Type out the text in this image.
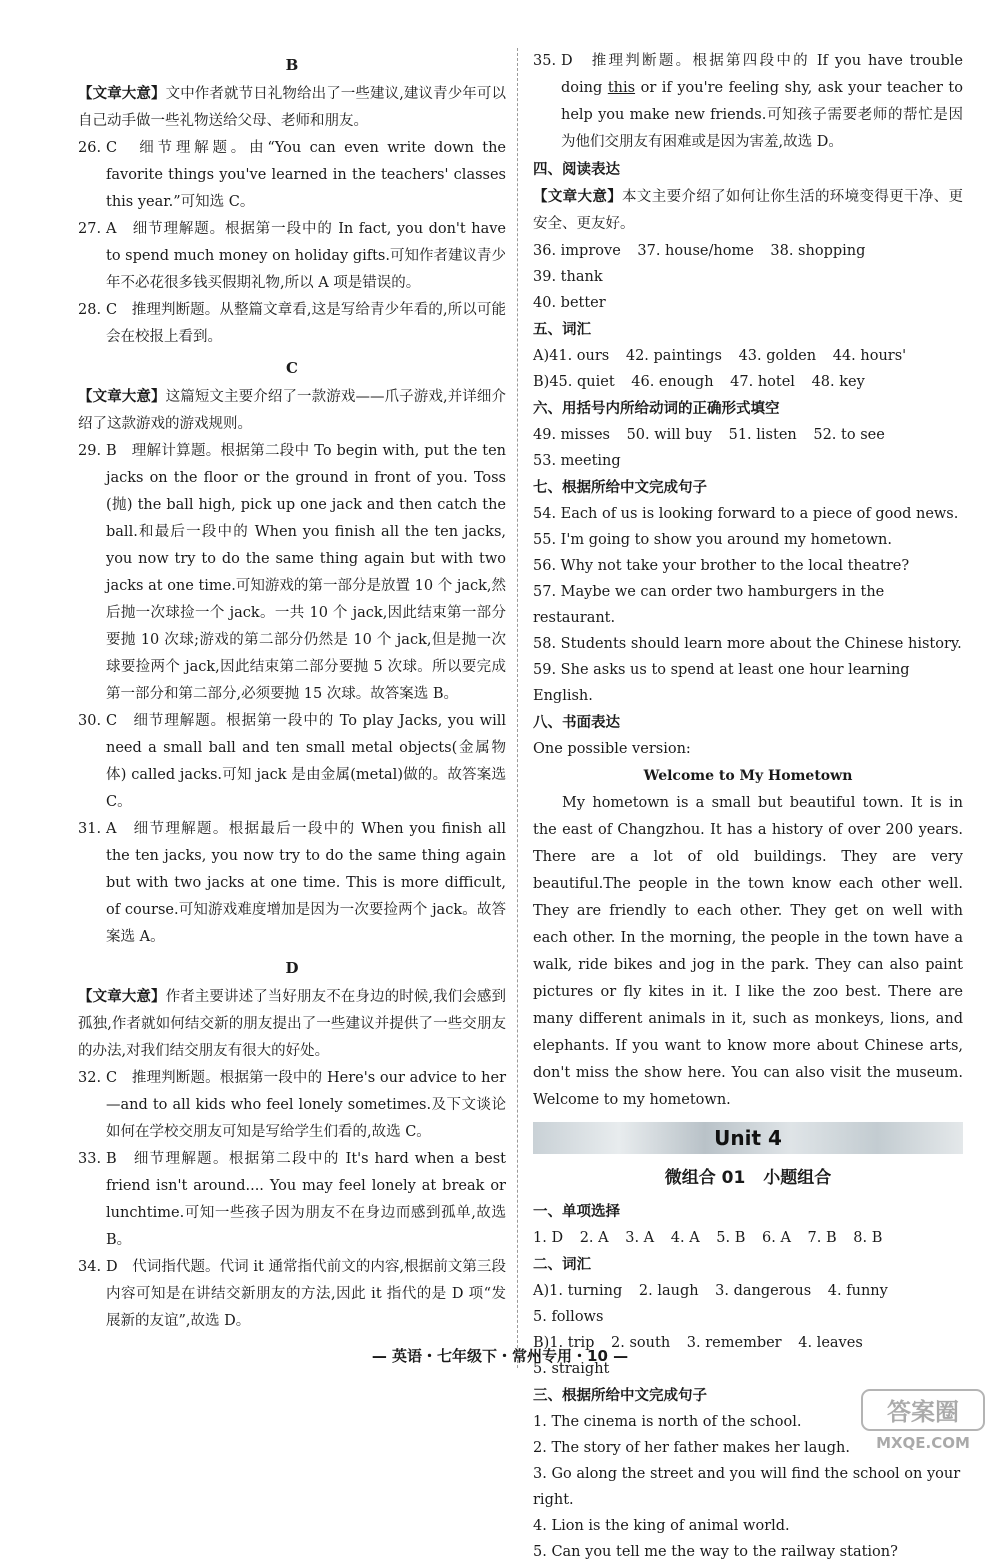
B

【文章大意】文中作者就节日礼物给出了一些建议,建议青少年可以自己动手做一些礼物送给父母、老师和朋友。

26. C　细节理解题。由“You can even write down the favorite things you've learned in the teachers' classes this year.”可知选 C。
27. A　细节理解题。根据第一段中的 In fact, you don't have to spend much money on holiday gifts.可知作者建议青少年不必花很多钱买假期礼物,所以 A 项是错误的。
28. C　推理判断题。从整篇文章看,这是写给青少年看的,所以可能会在校报上看到。

C

【文章大意】这篇短文主要介绍了一款游戏——爪子游戏,并详细介绍了这款游戏的游戏规则。

29. B　理解计算题。根据第二段中 To begin with, put the ten jacks on the floor or the ground in front of you. Toss (抛) the ball high, pick up one jack and then catch the ball.和最后一段中的 When you finish all the ten jacks, you now try to do the same thing again but with two jacks at one time.可知游戏的第一部分是放置 10 个 jack,然后抛一次球捡一个 jack。一共 10 个 jack,因此结束第一部分要抛 10 次球;游戏的第二部分仍然是 10 个 jack,但是抛一次球要捡两个 jack,因此结束第二部分要抛 5 次球。所以要完成第一部分和第二部分,必须要抛 15 次球。故答案选 B。
30. C　细节理解题。根据第一段中的 To play Jacks, you will need a small ball and ten small metal objects(金属物体) called jacks.可知 jack 是由金属(metal)做的。故答案选 C。
31. A　细节理解题。根据最后一段中的 When you finish all the ten jacks, you now try to do the same thing again but with two jacks at one time. This is more difficult, of course.可知游戏难度增加是因为一次要捡两个 jack。故答案选 A。

D

【文章大意】作者主要讲述了当好朋友不在身边的时候,我们会感到孤独,作者就如何结交新的朋友提出了一些建议并提供了一些交朋友的办法,对我们结交朋友有很大的好处。

32. C　推理判断题。根据第一段中的 Here's our advice to her—and to all kids who feel lonely sometimes.及下文谈论如何在学校交朋友可知是写给学生们看的,故选 C。
33. B　细节理解题。根据第二段中的 It's hard when a best friend isn't around.... You may feel lonely at break or lunchtime.可知一些孩子因为朋友不在身边而感到孤单,故选 B。
34. D　代词指代题。代词 it 通常指代前文的内容,根据前文第三段内容可知是在讲结交新朋友的方法,因此 it 指代的是 D 项“发展新的友谊”,故选 D。
35. D　推理判断题。根据第四段中的 If you have trouble doing this or if you're feeling shy, ask your teacher to help you make new friends.可知孩子需要老师的帮忙是因为他们交朋友有困难或是因为害羞,故选 D。

四、阅读表达

【文章大意】本文主要介绍了如何让你生活的环境变得更干净、更安全、更友好。

36. improve 37. house/home 38. shopping 39. thank
40. better

五、词汇

A)41. ours 42. paintings 43. golden 44. hours'

B)45. quiet 46. enough 47. hotel 48. key

六、用括号内所给动词的正确形式填空

49. misses 50. will buy 51. listen 52. to see 53. meeting

七、根据所给中文完成句子

54. Each of us is looking forward to a piece of good news.

55. I'm going to show you around my hometown.

56. Why not take your brother to the local theatre?

57. Maybe we can order two hamburgers in the restaurant.

58. Students should learn more about the Chinese history.

59. She asks us to spend at least one hour learning English.

八、书面表达

One possible version:

Welcome to My Hometown

My hometown is a small but beautiful town. It is in the east of Changzhou. It has a history of over 200 years. There are a lot of old buildings. They are very beautiful.The people in the town know each other well. They are friendly to each other. They get on well with each other. In the morning, the people in the town have a walk, ride bikes and jog in the park. They can also paint pictures or fly kites in it. I like the zoo best. There are many different animals in it, such as monkeys, lions, and elephants. If you want to know more about Chinese arts, don't miss the show here. You can also visit the museum. Welcome to my hometown.

Unit 4

微组合 01 小题组合

一、单项选择

1. D 2. A 3. A 4. A 5. B 6. A 7. B 8. B

二、词汇

A)1. turning 2. laugh 3. dangerous 4. funny 5. follows

B)1. trip 2. south 3. remember 4. leaves 5. straight

三、根据所给中文完成句子

1. The cinema is north of the school.

2. The story of her father makes her laugh.

3. Go along the street and you will find the school on your right.

4. Lion is the king of animal world.

5. Can you tell me the way to the railway station?

— 英语・七年级下・常州专用・10 —
答案圈
MXQE.COM
